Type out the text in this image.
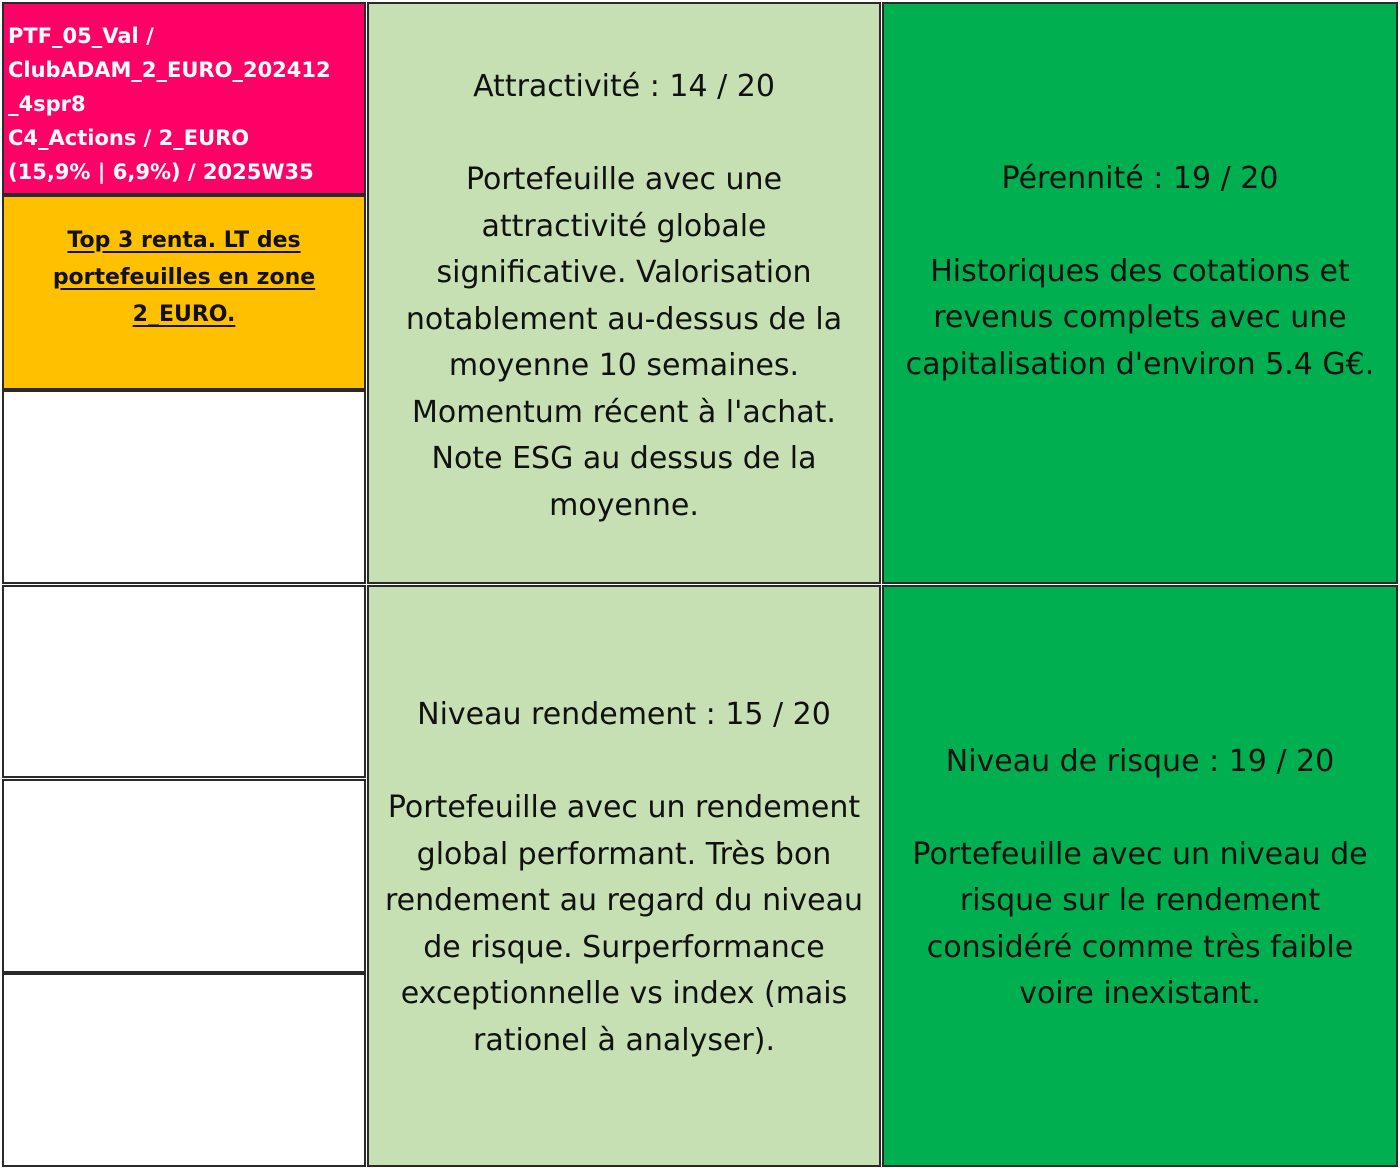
PTF_05_Val /
ClubADAM_2_EURO_202412
_4spr8
C4_Actions / 2_EURO
(15,9% | 6,9%) / 2025W35
Top 3 renta. LT des portefeuilles en zone 2_EURO.
Attractivité : 14 / 20
Portefeuille avec une attractivité globale significative. Valorisation notablement au-dessus de la moyenne 10 semaines. Momentum récent à l'achat. Note ESG au dessus de la moyenne.
Pérennité : 19 / 20
Historiques des cotations et revenus complets avec une capitalisation d'environ 5.4 G€.
Niveau rendement : 15 / 20
Portefeuille avec un rendement global performant. Très bon rendement au regard du niveau de risque. Surperformance exceptionnelle vs index (mais rationel à analyser).
Niveau de risque : 19 / 20
Portefeuille avec un niveau de risque sur le rendement considéré comme très faible voire inexistant.
